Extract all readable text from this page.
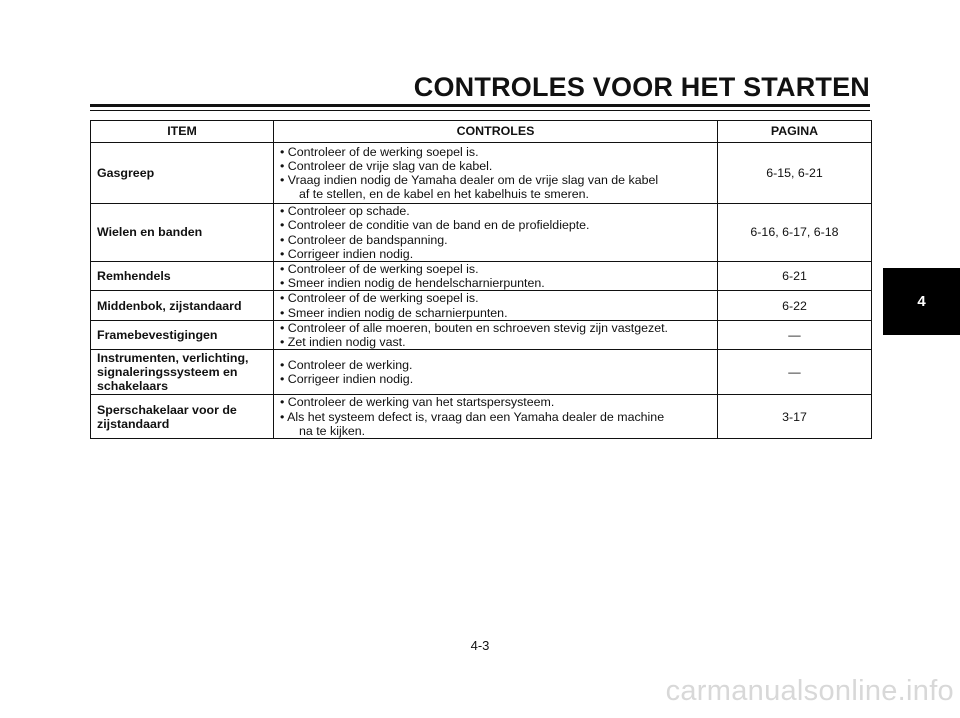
CONTROLES VOOR HET STARTEN
ITEM	CONTROLES	PAGINA

Gasgreep	• Controleer of de werking soepel is.
• Controleer de vrije slag van de kabel.
• Vraag indien nodig de Yamaha dealer om de vrije slag van de kabel
af te stellen, en de kabel en het kabelhuis te smeren.	6-15, 6-21

Wielen en banden	• Controleer op schade.
• Controleer de conditie van de band en de profieldiepte.
• Controleer de bandspanning.
• Corrigeer indien nodig.	6-16, 6-17, 6-18

Remhendels	• Controleer of de werking soepel is.
• Smeer indien nodig de hendelscharnierpunten.	6-21

Middenbok, zijstandaard	• Controleer of de werking soepel is.
• Smeer indien nodig de scharnierpunten.	6-22

Framebevestigingen	• Controleer of alle moeren, bouten en schroeven stevig zijn vastgezet.
• Zet indien nodig vast.	—

Instrumenten, verlichting,
signaleringssysteem en
schakelaars	• Controleer de werking.
• Corrigeer indien nodig.	—

Sperschakelaar voor de
zijstandaard	• Controleer de werking van het startspersysteem.
• Als het systeem defect is, vraag dan een Yamaha dealer de machine
na te kijken.	3-17
4
4-3
carmanualsonline.info
